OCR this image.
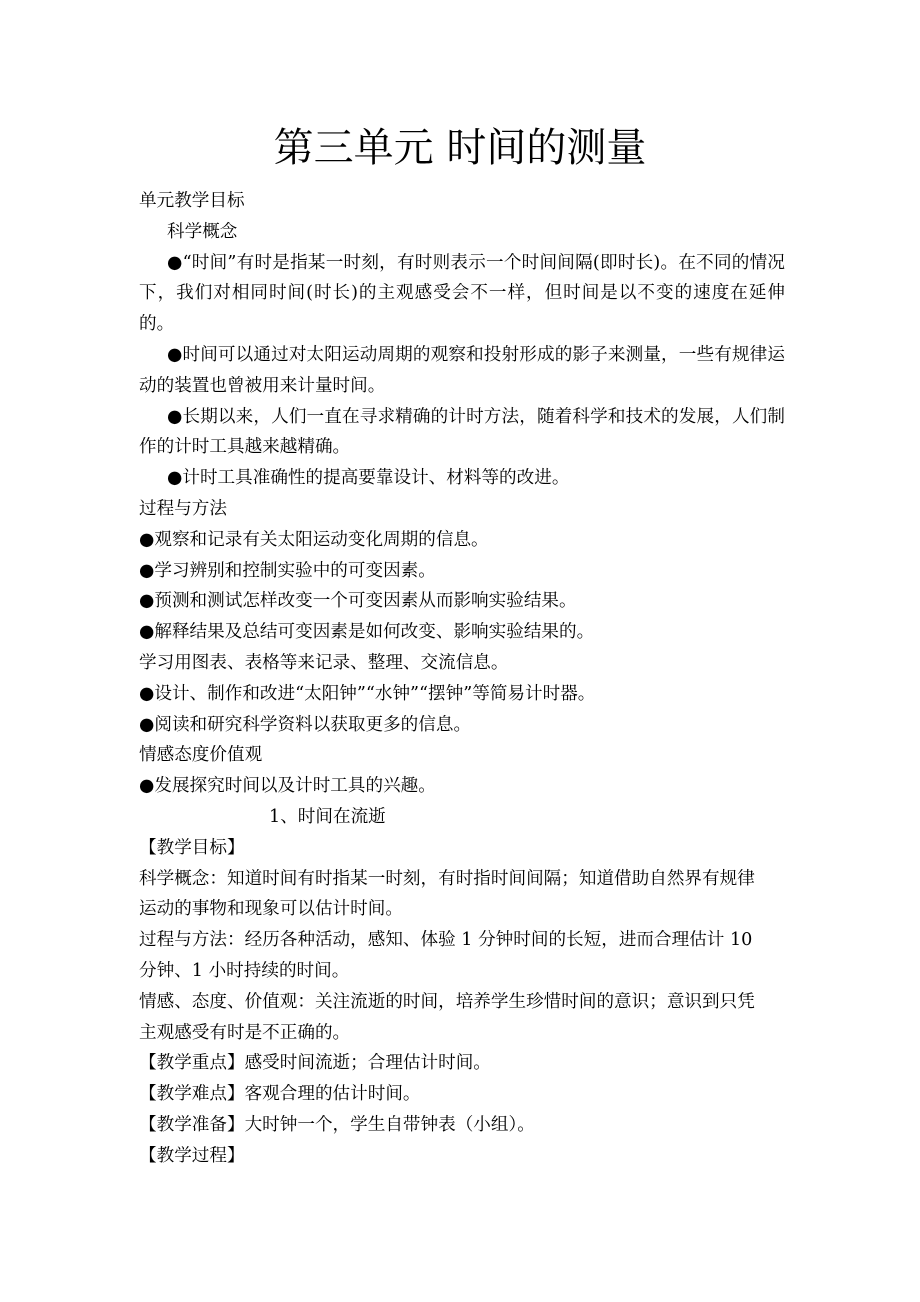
第三单元 时间的测量

单元教学目标

科学概念

●“时间”有时是指某一时刻，有时则表示一个时间间隔(即时长)。在不同的情况下，我们对相同时间(时长)的主观感受会不一样，但时间是以不变的速度在延伸的。

●时间可以通过对太阳运动周期的观察和投射形成的影子来测量，一些有规律运动的装置也曾被用来计量时间。

●长期以来，人们一直在寻求精确的计时方法，随着科学和技术的发展，人们制作的计时工具越来越精确。

●计时工具准确性的提高要靠设计、材料等的改进。

过程与方法

●观察和记录有关太阳运动变化周期的信息。

●学习辨别和控制实验中的可变因素。

●预测和测试怎样改变一个可变因素从而影响实验结果。

●解释结果及总结可变因素是如何改变、影响实验结果的。

学习用图表、表格等来记录、整理、交流信息。

●设计、制作和改进“太阳钟”“水钟”“摆钟”等简易计时器。

●阅读和研究科学资料以获取更多的信息。

情感态度价值观

●发展探究时间以及计时工具的兴趣。

1、时间在流逝

【教学目标】

科学概念：知道时间有时指某一时刻，有时指时间间隔；知道借助自然界有规律

运动的事物和现象可以估计时间。

过程与方法：经历各种活动，感知、体验 1 分钟时间的长短，进而合理估计 10

分钟、1 小时持续的时间。

情感、态度、价值观：关注流逝的时间，培养学生珍惜时间的意识；意识到只凭

主观感受有时是不正确的。

【教学重点】感受时间流逝；合理估计时间。

【教学难点】客观合理的估计时间。

【教学准备】大时钟一个，学生自带钟表（小组）。

【教学过程】
